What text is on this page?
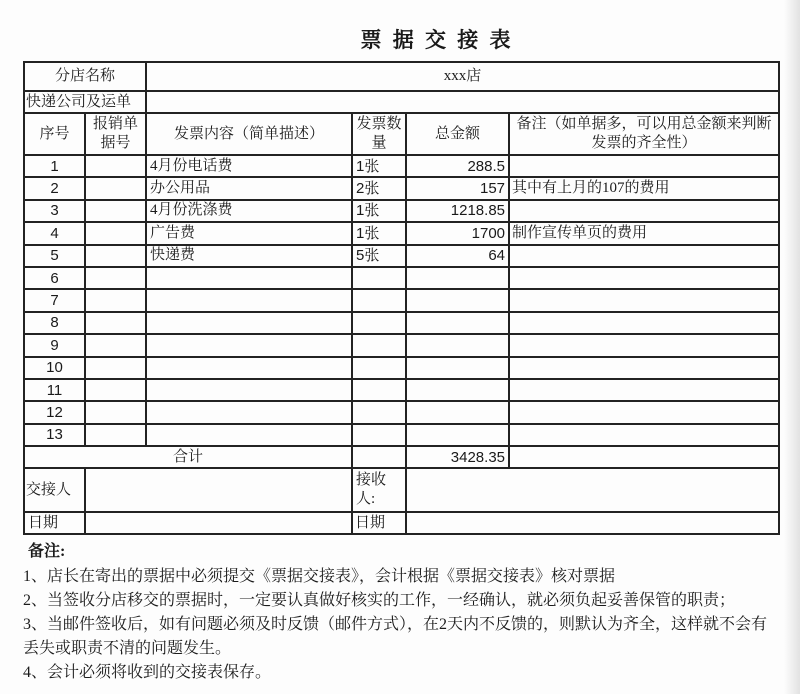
票 据 交 接 表
分店名称		xxx店			
快递公司及运单					
序号	报销单据号	发票内容（简单描述）	发票数量	总金额	备注（如单据多，可以用总金额来判断发票的齐全性）
1		4月份电话费	1张	288.5	
2		办公用品	2张	157	其中有上月的107的费用
3		4月份洗涤费	1张	1218.85	
4		广告费	1张	1700	制作宣传单页的费用
5		快递费	5张	64	
6					
7					
8					
9					
10					
11					
12					
13					
合计				3428.35	
交接人			接收人:		
日期			日期		

备注:

1、店长在寄出的票据中必须提交《票据交接表》，会计根据《票据交接表》核对票据

2、当签收分店移交的票据时，一定要认真做好核实的工作，一经确认，就必须负起妥善保管的职责；

3、当邮件签收后，如有问题必须及时反馈（邮件方式），在2天内不反馈的，则默认为齐全，这样就不会有丢失或职责不清的问题发生。

4、会计必须将收到的交接表保存。
